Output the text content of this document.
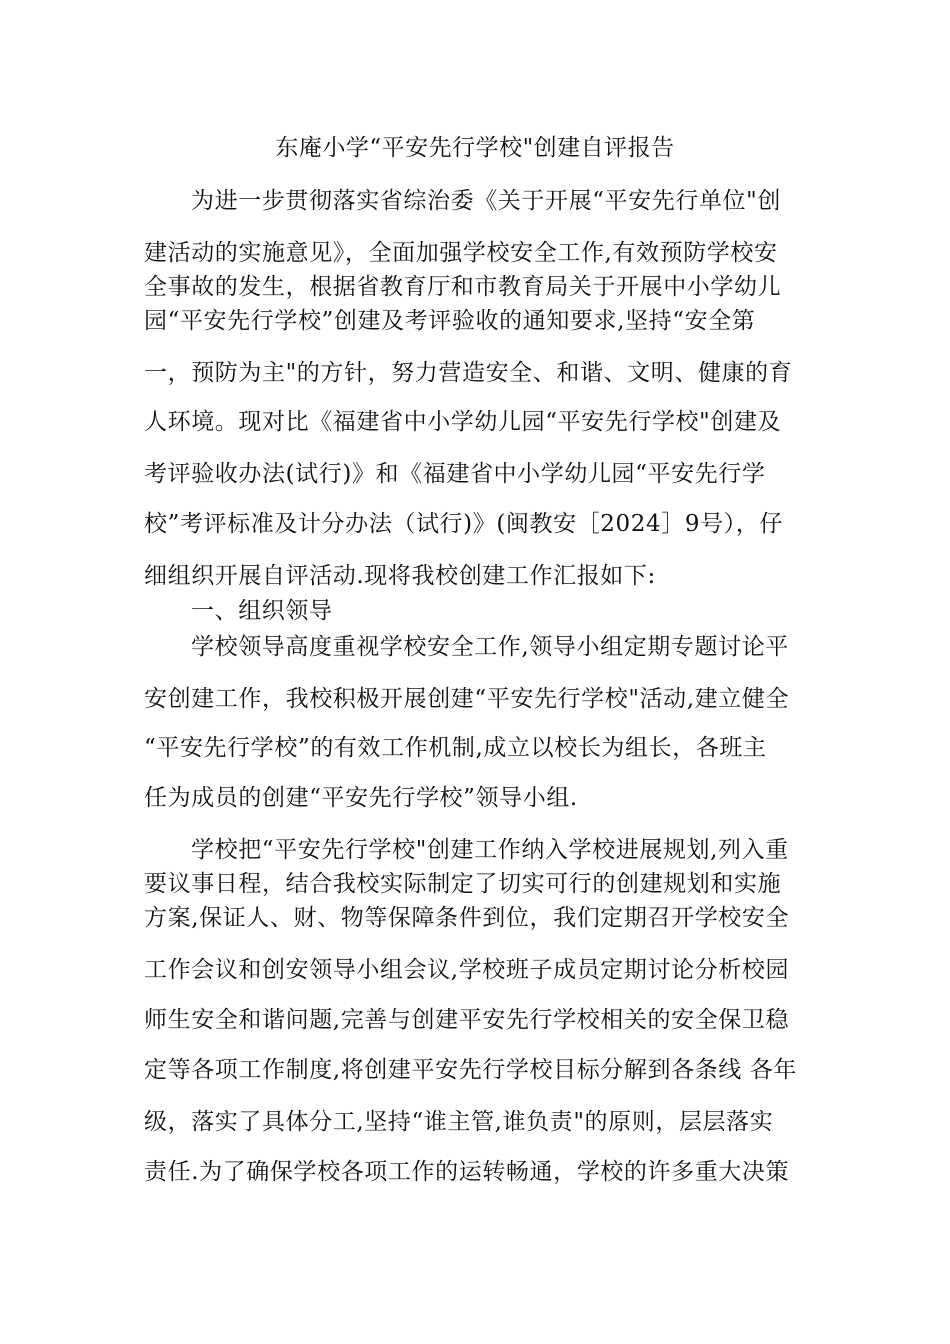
东庵小学“平安先行学校"创建自评报告
为进一步贯彻落实省综治委《关于开展“平安先行单位"创
建活动的实施意见》，全面加强学校安全工作,有效预防学校安
全事故的发生，根据省教育厅和市教育局关于开展中小学幼儿
园“平安先行学校”创建及考评验收的通知要求,坚持“安全第
一，预防为主"的方针，努力营造安全、和谐、文明、健康的育
人环境。现对比《福建省中小学幼儿园“平安先行学校"创建及
考评验收办法(试行)》和《福建省中小学幼儿园“平安先行学
校”考评标准及计分办法（试行)》(闽教安［2024］9号），仔
细组织开展自评活动.现将我校创建工作汇报如下:
一、组织领导
学校领导高度重视学校安全工作,领导小组定期专题讨论平
安创建工作，我校积极开展创建“平安先行学校"活动,建立健全
“平安先行学校”的有效工作机制,成立以校长为组长，各班主
任为成员的创建“平安先行学校”领导小组.
学校把“平安先行学校"创建工作纳入学校进展规划,列入重
要议事日程，结合我校实际制定了切实可行的创建规划和实施
方案,保证人、财、物等保障条件到位，我们定期召开学校安全
工作会议和创安领导小组会议,学校班子成员定期讨论分析校园
师生安全和谐问题,完善与创建平安先行学校相关的安全保卫稳
定等各项工作制度,将创建平安先行学校目标分解到各条线 各年
级，落实了具体分工,坚持“谁主管,谁负责"的原则，层层落实
责任.为了确保学校各项工作的运转畅通，学校的许多重大决策
